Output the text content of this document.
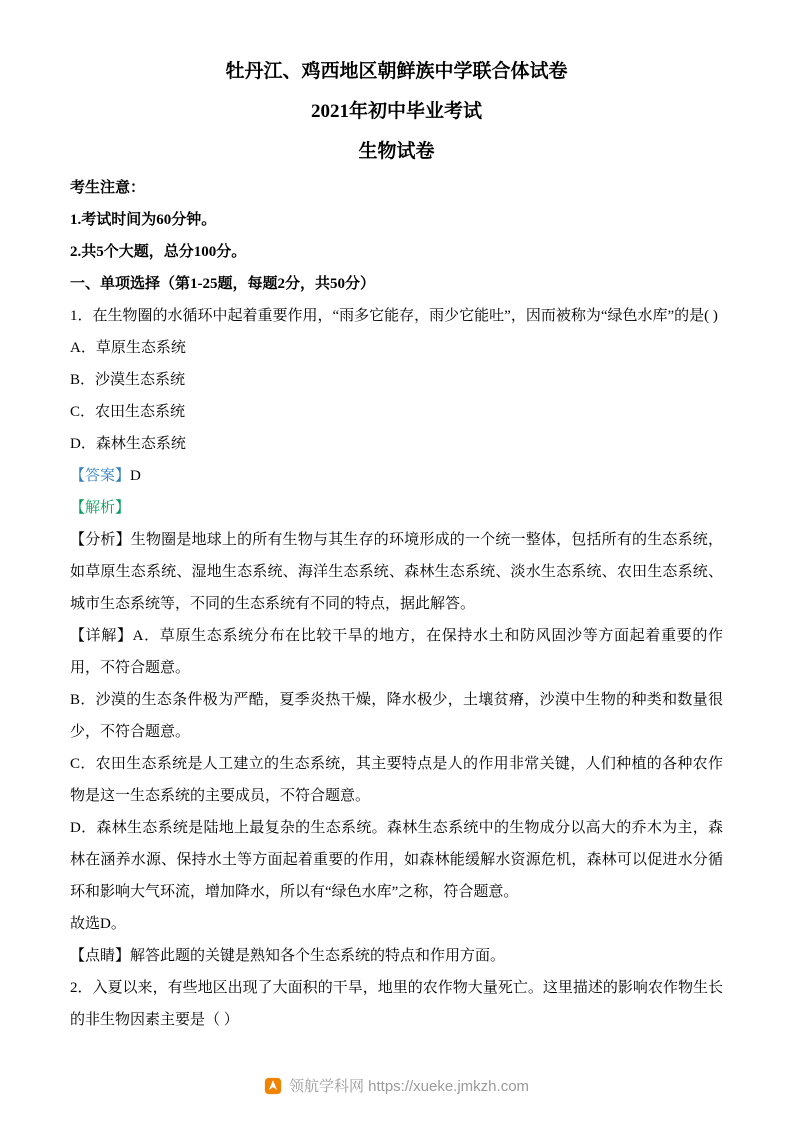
牡丹江、鸡西地区朝鲜族中学联合体试卷

2021年初中毕业考试

生物试卷

考生注意：

1.考试时间为60分钟。

2.共5个大题，总分100分。

一、单项选择（第1-25题，每题2分，共50分）

1．在生物圈的水循环中起着重要作用，“雨多它能存，雨少它能吐”，因而被称为“绿色水库”的是( )

A．草原生态系统

B．沙漠生态系统

C．农田生态系统

D．森林生态系统

【答案】D

【解析】

【分析】生物圈是地球上的所有生物与其生存的环境形成的一个统一整体，包括所有的生态系统，如草原生态系统、湿地生态系统、海洋生态系统、森林生态系统、淡水生态系统、农田生态系统、城市生态系统等，不同的生态系统有不同的特点，据此解答。

【详解】A．草原生态系统分布在比较干旱的地方，在保持水土和防风固沙等方面起着重要的作用，不符合题意。

B．沙漠的生态条件极为严酷，夏季炎热干燥，降水极少，土壤贫瘠，沙漠中生物的种类和数量很少，不符合题意。

C．农田生态系统是人工建立的生态系统，其主要特点是人的作用非常关键，人们种植的各种农作物是这一生态系统的主要成员，不符合题意。

D．森林生态系统是陆地上最复杂的生态系统。森林生态系统中的生物成分以高大的乔木为主，森林在涵养水源、保持水土等方面起着重要的作用，如森林能缓解水资源危机，森林可以促进水分循环和影响大气环流，增加降水，所以有“绿色水库”之称，符合题意。

故选D。

【点睛】解答此题的关键是熟知各个生态系统的特点和作用方面。

2．入夏以来，有些地区出现了大面积的干旱，地里的农作物大量死亡。这里描述的影响农作物生长的非生物因素主要是（ ）

领航学科网 https://xueke.jmkzh.com
